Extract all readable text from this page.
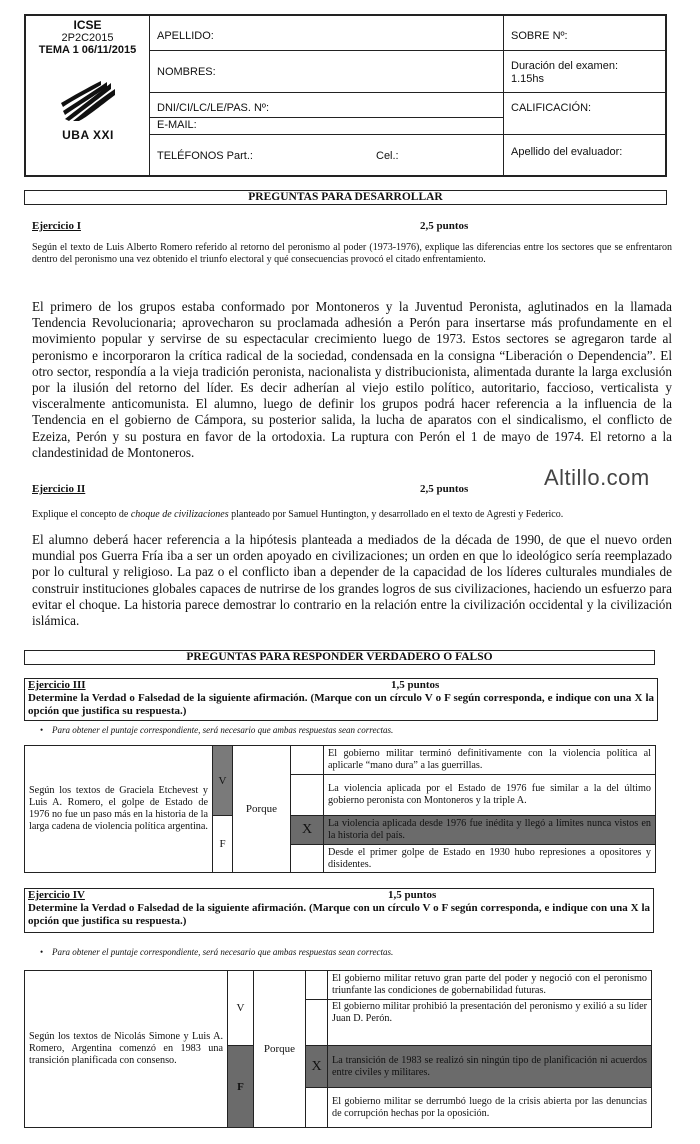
ICSE
2P2C2015
TEMA 1 06/11/2015
UBA XXI
APELLIDO:
NOMBRES:
DNI/CI/LC/LE/PAS. Nº:
E-MAIL:
TELÉFONOS Part.:	Cel.:
SOBRE Nº:
Duración del examen:
1.15hs
CALIFICACIÓN:
Apellido del evaluador:
PREGUNTAS PARA DESARROLLAR
Ejercicio I	2,5 puntos
Según el texto de Luis Alberto Romero referido al retorno del peronismo al poder (1973-1976), explique las diferencias entre los sectores que se enfrentaron dentro del peronismo una vez obtenido el triunfo electoral y qué consecuencias provocó el citado enfrentamiento.
El primero de los grupos estaba conformado por Montoneros y la Juventud Peronista, aglutinados en la llamada Tendencia Revolucionaria; aprovecharon su proclamada adhesión a Perón para insertarse más profundamente en el movimiento popular y servirse de su espectacular crecimiento luego de 1973. Estos sectores se agregaron tarde al peronismo e incorporaron la crítica radical de la sociedad, condensada en la consigna “Liberación o Dependencia”. El otro sector, respondía a la vieja tradición peronista, nacionalista y distribucionista, alimentada durante la larga exclusión por la ilusión del retorno del líder. Es decir adherían al viejo estilo político, autoritario, faccioso, verticalista y visceralmente anticomunista. El alumno, luego de definir los grupos podrá hacer referencia a la influencia de la Tendencia en el gobierno de Cámpora, su posterior salida, la lucha de aparatos con el sindicalismo, el conflicto de Ezeiza, Perón y su postura en favor de la ortodoxia. La ruptura con Perón el 1 de mayo de 1974. El retorno a la clandestinidad de Montoneros.
Altillo.com
Ejercicio II	2,5 puntos
Explique el concepto de choque de civilizaciones planteado por Samuel Huntington, y desarrollado en el texto de Agresti y Federico.
El alumno deberá hacer referencia a la hipótesis planteada a mediados de la década de 1990, de que el nuevo orden mundial pos Guerra Fría iba a ser un orden apoyado en civilizaciones; un orden en que lo ideológico sería reemplazado por lo cultural y religioso. La paz o el conflicto iban a depender de la capacidad de los líderes culturales mundiales de construir instituciones globales capaces de nutrirse de los grandes logros de sus civilizaciones, haciendo un esfuerzo para evitar el choque. La historia parece demostrar lo contrario en la relación entre la civilización occidental y la civilización islámica.
PREGUNTAS PARA RESPONDER VERDADERO O FALSO
Ejercicio III	1,5 puntos
Determine la Verdad o Falsedad de la siguiente afirmación. (Marque con un círculo V o F según corresponda, e indique con una X la opción que justifica su respuesta.)
• Para obtener el puntaje correspondiente, será necesario que ambas respuestas sean correctas.
Según los textos de Graciela Etchevest y Luis A. Romero, el golpe de Estado de 1976 no fue un paso más en la historia de la larga cadena de violencia política argentina.	V	Porque		El gobierno militar terminó definitivamente con la violencia política al aplicarle “mano dura” a las guerrillas.
				La violencia aplicada por el Estado de 1976 fue similar a la del último gobierno peronista con Montoneros y la triple A.
	F		X	La violencia aplicada desde 1976 fue inédita y llegó a límites nunca vistos en la historia del país.
				Desde el primer golpe de Estado en 1930 hubo represiones a opositores y disidentes.
Ejercicio IV	1,5 puntos
Determine la Verdad o Falsedad de la siguiente afirmación. (Marque con un círculo V o F según corresponda, e indique con una X la opción que justifica su respuesta.)
• Para obtener el puntaje correspondiente, será necesario que ambas respuestas sean correctas.
Según los textos de Nicolás Simone y Luis A. Romero, Argentina comenzó en 1983 una transición planificada con consenso.	V	Porque		El gobierno militar retuvo gran parte del poder y negoció con el peronismo triunfante las condiciones de gobernabilidad futuras.
				El gobierno militar prohibió la presentación del peronismo y exilió a su líder Juan D. Perón.
	F		X	La transición de 1983 se realizó sin ningún tipo de planificación ni acuerdos entre civiles y militares.
				El gobierno militar se derrumbó luego de la crisis abierta por las denuncias de corrupción hechas por la oposición.
